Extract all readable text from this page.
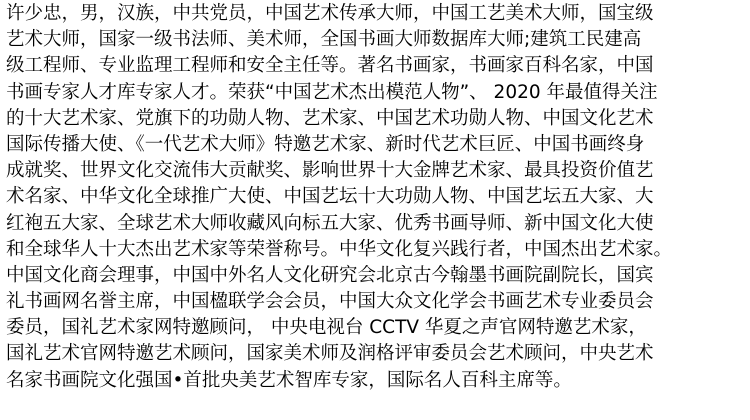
许少忠，男，汉族，中共党员，中国艺术传承大师，中国工艺美术大师，国宝级
艺术大师，国家一级书法师、美术师，全国书画大师数据库大师;建筑工民建高
级工程师、专业监理工程师和安全主任等。著名书画家，书画家百科名家，中国
书画专家人才库专家人才。荣获“中国艺术杰出模范人物”、 2020 年最值得关注
的十大艺术家、党旗下的功勋人物、艺术家、中国艺术功勋人物、中国文化艺术
国际传播大使、《一代艺术大师》特邀艺术家、新时代艺术巨匠、中国书画终身
成就奖、世界文化交流伟大贡献奖、影响世界十大金牌艺术家、最具投资价值艺
术名家、中华文化全球推广大使、中国艺坛十大功勋人物、中国艺坛五大家、大
红袍五大家、全球艺术大师收藏风向标五大家、优秀书画导师、新中国文化大使
和全球华人十大杰出艺术家等荣誉称号。中华文化复兴践行者，中国杰出艺术家。
中国文化商会理事，中国中外名人文化研究会北京古今翰墨书画院副院长，国宾
礼书画网名誉主席，中国楹联学会会员，中国大众文化学会书画艺术专业委员会
委员，国礼艺术家网特邀顾问， 中央电视台 CCTV 华夏之声官网特邀艺术家，
国礼艺术官网特邀艺术顾问，国家美术师及润格评审委员会艺术顾问，中央艺术
名家书画院文化强国•首批央美艺术智库专家，国际名人百科主席等。
